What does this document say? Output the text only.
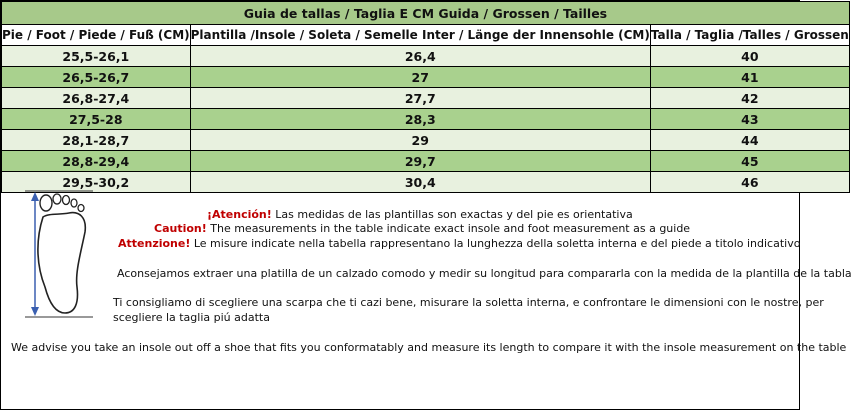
Guia de tallas / Taglia E CM Guida / Grossen / Tailles		
Pie / Foot / Piede / Fuß (CM)	Plantilla /Insole / Soleta / Semelle Inter / Länge der Innensohle (CM)	Talla / Taglia /Talles / Grossen
25,5-26,1	26,4	40
26,5-26,7	27	41
26,8-27,4	27,7	42
27,5-28	28,3	43
28,1-28,7	29	44
28,8-29,4	29,7	45
29,5-30,2	30,4	46
¡Atención! Las medidas de las plantillas son exactas y del pie es orientativa
Caution! The measurements in the table indicate exact insole and foot measurement as a guide
Attenzione! Le misure indicate nella tabella rappresentano la lunghezza della soletta interna e del piede a titolo indicativo
Aconsejamos extraer una platilla de un calzado comodo y medir su longitud para compararla con la medida de la plantilla de la tabla
Ti consigliamo di scegliere una scarpa che ti cazi bene, misurare la soletta interna, e confrontare le dimensioni con le nostre, per
scegliere la taglia piú adatta
We advise you take an insole out off a shoe that fits you conformatably and measure its length to compare it with the insole measurement on the table
